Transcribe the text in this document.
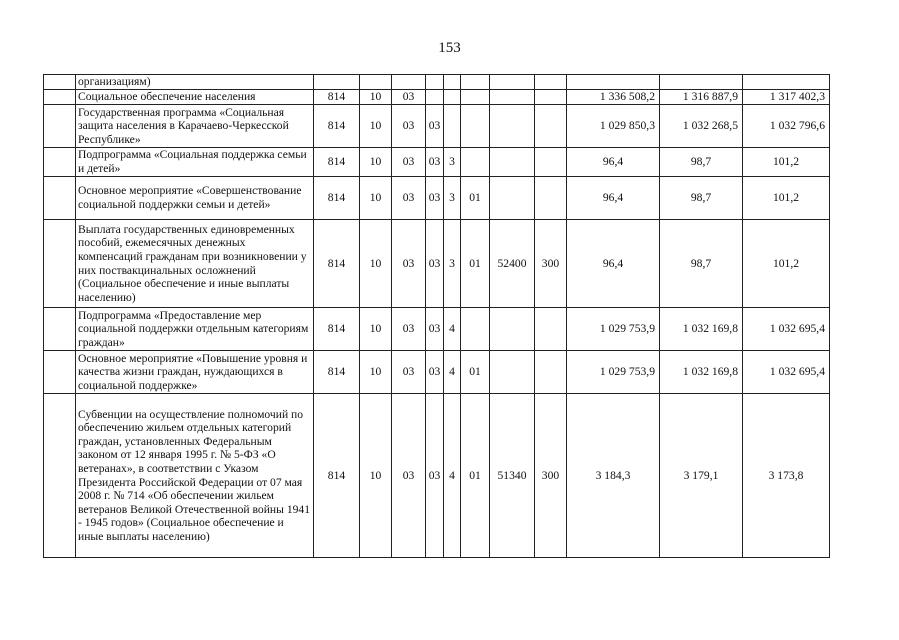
153
	организациям)											
	Социальное обеспечение населения	814	10	03						1 336 508,2	1 316 887,9	1 317 402,3
	Государственная программа «Социальная защита населения в Карачаево-Черкесской Республике»	814	10	03	03					1 029 850,3	1 032 268,5	1 032 796,6
	Подпрограмма «Социальная поддержка семьи и детей»	814	10	03	03	3				96,4	98,7	101,2
	Основное мероприятие «Совершенствование социальной поддержки семьи и детей»	814	10	03	03	3	01			96,4	98,7	101,2
	Выплата государственных единовременных пособий, ежемесячных денежных компенсаций гражданам при возникновении у них поствакцинальных осложнений (Социальное обеспечение и иные выплаты населению)	814	10	03	03	3	01	52400	300	96,4	98,7	101,2
	Подпрограмма «Предоставление мер социальной поддержки отдельным категориям граждан»	814	10	03	03	4				1 029 753,9	1 032 169,8	1 032 695,4
	Основное мероприятие «Повышение уровня и качества жизни граждан, нуждающихся в социальной поддержке»	814	10	03	03	4	01			1 029 753,9	1 032 169,8	1 032 695,4
	Субвенции на осуществление полномочий по обеспечению жильем отдельных категорий граждан, установленных Федеральным законом от 12 января 1995 г. № 5-ФЗ «О ветеранах», в соответствии с Указом Президента Российской Федерации от 07 мая 2008 г. № 714 «Об обеспечении жильем ветеранов Великой Отечественной войны 1941 - 1945 годов» (Социальное обеспечение и иные выплаты населению)	814	10	03	03	4	01	51340	300	3 184,3	3 179,1	3 173,8
